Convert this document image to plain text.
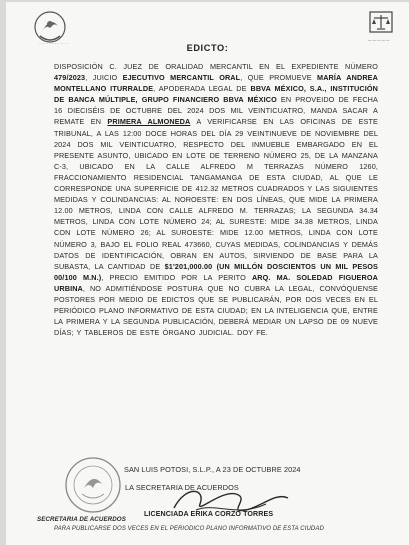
· · · · · · · · · · · ·
— — — — —
EDICTO:
DISPOSICIÓN C. JUEZ DE ORALIDAD MERCANTIL EN EL EXPEDIENTE NÚMERO 479/2023, JUICIO EJECUTIVO MERCANTIL ORAL, QUE PROMUEVE MARÍA ANDREA MONTELLANO ITURRALDE, APODERADA LEGAL DE BBVA MÉXICO, S.A., INSTITUCIÓN DE BANCA MÚLTIPLE, GRUPO FINANCIERO BBVA MÉXICO EN PROVEIDO DE FECHA 16 DIECISÉIS DE OCTUBRE DEL 2024 DOS MIL VEINTICUATRO, MANDA SACAR A REMATE EN PRIMERA ALMONEDA A VERIFICARSE EN LAS OFICINAS DE ESTE TRIBUNAL, A LAS 12:00 DOCE HORAS DEL DÍA 29 VEINTINUEVE DE NOVIEMBRE DEL 2024 DOS MIL VEINTICUATRO, RESPECTO DEL INMUEBLE EMBARGADO EN EL PRESENTE ASUNTO, UBICADO EN LOTE DE TERRENO NÚMERO 25, DE LA MANZANA C-3, UBICADO EN LA CALLE ALFREDO M TERRAZAS NÚMERO 1260, FRACCIONAMIENTO RESIDENCIAL TANGAMANGA DE ESTA CIUDAD, AL QUE LE CORRESPONDE UNA SUPERFICIE DE 412.32 METROS CUADRADOS Y LAS SIGUIENTES MEDIDAS Y COLINDANCIAS: AL NOROESTE: EN DOS LÍNEAS, QUE MIDE LA PRIMERA 12.00 METROS, LINDA CON CALLE ALFREDO M. TERRAZAS; LA SEGUNDA 34.34 METROS, LINDA CON LOTE NÚMERO 24; AL SURESTE: MIDE 34.38 METROS, LINDA CON LOTE NÚMERO 26; AL SUROESTE: MIDE 12.00 METROS, LINDA CON LOTE NÚMERO 3, BAJO EL FOLIO REAL 473660, CUYAS MEDIDAS, COLINDANCIAS Y DEMÁS DATOS DE IDENTIFICACIÓN, OBRAN EN AUTOS, SIRVIENDO DE BASE PARA LA SUBASTA, LA CANTIDAD DE $1'201,000.00 (UN MILLÓN DOSCIENTOS UN MIL PESOS 00/100 M.N.), PRECIO EMITIDO POR LA PERITO ARQ. MA. SOLEDAD FIGUEROA URBINA, NO ADMITIÉNDOSE POSTURA QUE NO CUBRA LA LEGAL, CONVÓQUENSE POSTORES POR MEDIO DE EDICTOS QUE SE PUBLICARÁN, POR DOS VECES EN EL PERIÓDICO PLANO INFORMATIVO DE ESTA CIUDAD; EN LA INTELIGENCIA QUE, ENTRE LA PRIMERA Y LA SEGUNDA PUBLICACIÓN, DEBERÁ MEDIAR UN LAPSO DE 09 NUEVE DÍAS; Y TABLEROS DE ESTE ÓRGANO JUDICIAL. DOY FE.
SAN LUIS POTOSI, S.L.P., A 23 DE OCTUBRE 2024
LA SECRETARIA DE ACUERDOS
LICENCIADA ERIKA CORZO TORRES
SECRETARIA DE ACUERDOS
PARA PUBLICARSE DOS VECES EN EL PERIODICO PLANO INFORMATIVO DE ESTA CIUDAD
